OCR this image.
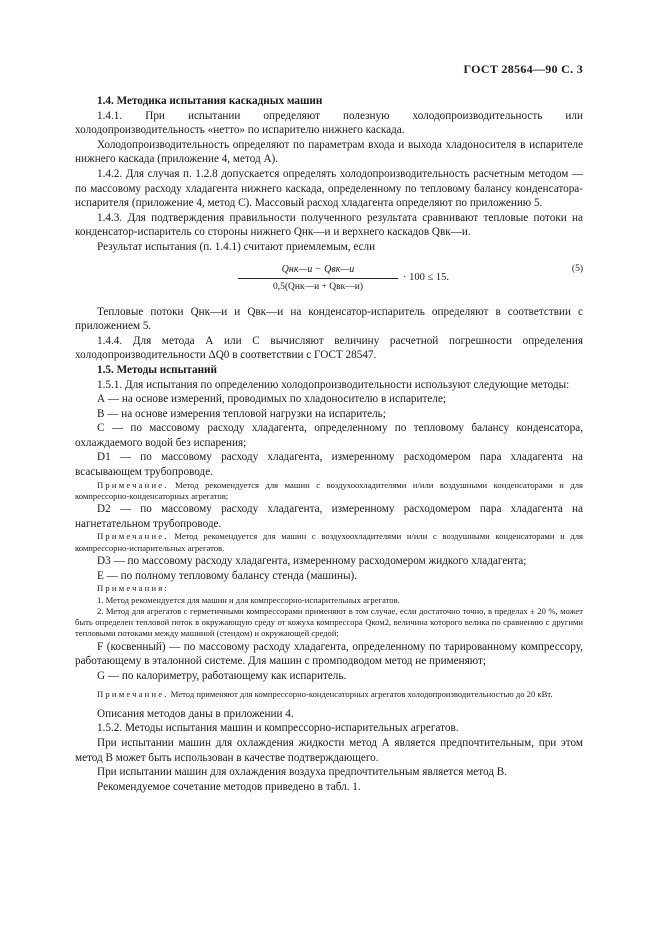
ГОСТ 28564—90 С. 3

1.4. Методика испытания каскадных машин

1.4.1. При испытании определяют полезную холодопроизводительность или холодопроизводительность «нетто» по испарителю нижнего каскада.

Холодопроизводительность определяют по параметрам входа и выхода хладоносителя в испарителе нижнего каскада (приложение 4, метод А).

1.4.2. Для случая п. 1.2.8 допускается определять холодопроизводительность расчетным методом — по массовому расходу хладагента нижнего каскада, определенному по тепловому балансу конденсатора-испарителя (приложение 4, метод С). Массовый расход хладагента определяют по приложению 5.

1.4.3. Для подтверждения правильности полученного результата сравнивают тепловые потоки на конденсатор-испаритель со стороны нижнего Qнк—и и верхнего каскадов Qвк—и.

Результат испытания (п. 1.4.1) считают приемлемым, если

Qнк—и − Qвк—и
0,5(Qнк—и + Qвк—и)
· 100 ≤ 15.
(5)

Тепловые потоки Qнк—и и Qвк—и на конденсатор-испаритель определяют в соответствии с приложением 5.

1.4.4. Для метода А или С вычисляют величину расчетной погрешности определения холодопроизводительности ΔQ0 в соответствии с ГОСТ 28547.

1.5. Методы испытаний

1.5.1. Для испытания по определению холодопроизводительности используют следующие методы:

А — на основе измерений, проводимых по хладоносителю в испарителе;

В — на основе измерения тепловой нагрузки на испаритель;

С — по массовому расходу хладагента, определенному по тепловому балансу конденсатора, охлаждаемого водой без испарения;

D1 — по массовому расходу хладагента, измеренному расходомером пара хладагента на всасывающем трубопроводе.

Примечание. Метод рекомендуется для машин с воздухоохладителями и/или воздушными конденсаторами и для компрессорно-конденсаторных агрегатов;

D2 — по массовому расходу хладагента, измеренному расходомером пара хладагента на нагнетательном трубопроводе.

Примечание. Метод рекомендуется для машин с воздухоохладителями и/или с воздушными конденсаторами и для компрессорно-испарительных агрегатов.

D3 — по массовому расходу хладагента, измеренному расходомером жидкого хладагента;

Е — по полному тепловому балансу стенда (машины).

Примечания:

1. Метод рекомендуется для машин и для компрессорно-испарительных агрегатов.

2. Метод для агрегатов с герметичными компрессорами применяют в том случае, если достаточно точно, в пределах ± 20 %, может быть определен тепловой поток в окружающую среду от кожуха компрессора Qком2, величина которого велика по сравнению с другими тепловыми потоками между машиной (стендом) и окружающей средой;

F (косвенный) — по массовому расходу хладагента, определенному по тарированному компрессору, работающему в эталонной системе. Для машин с промподводом метод не применяют;

G — по калориметру, работающему как испаритель.

Примечание. Метод применяют для компрессорно-конденсаторных агрегатов холодопроизводительностью до 20 кВт.

Описания методов даны в приложении 4.

1.5.2. Методы испытания машин и компрессорно-испарительных агрегатов.

При испытании машин для охлаждения жидкости метод А является предпочтительным, при этом метод В может быть использован в качестве подтверждающего.

При испытании машин для охлаждения воздуха предпочтительным является метод В.

Рекомендуемое сочетание методов приведено в табл. 1.
